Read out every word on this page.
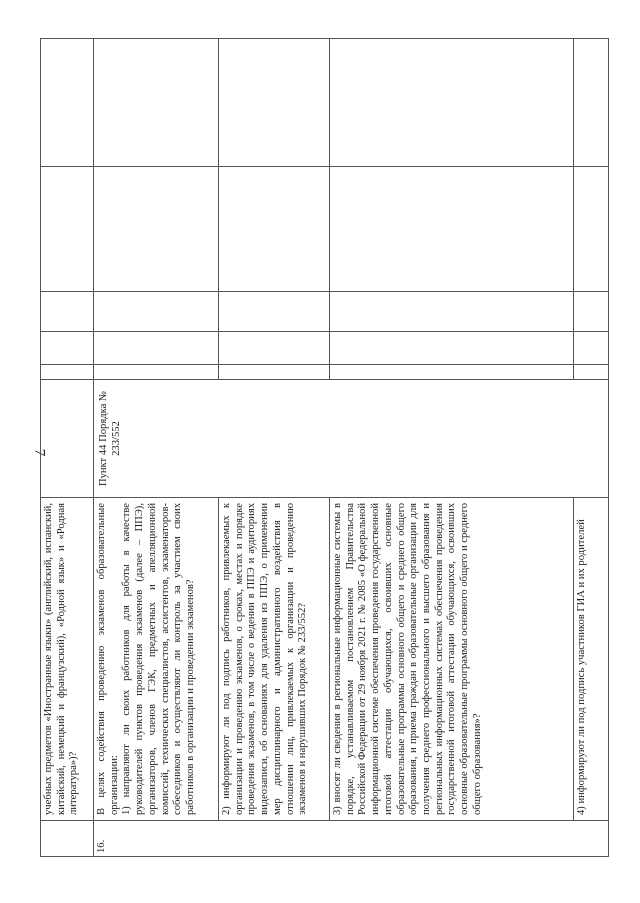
7
	учебных предметов «Иностранные языки» (английский, испанский, китайский, немецкий и французский), «Родной язык» и «Родная литература»)?						
16.	В целях содействия проведению экзаменов образовательные организации:
1) направляют ли своих работников для работы в качестве руководителей пунктов проведения экзаменов (далее – ППЭ), организаторов, членов ГЭК, предметных и апелляционной комиссий, технических специалистов, ассистентов, экзаменаторов-собеседников и осуществляют ли контроль за участием своих работников в организации и проведении экзаменов?	Пункт 44 Порядка № 233/552					
	2) информируют ли под подпись работников, привлекаемых к организации и проведению экзаменов, о сроках, местах и порядке проведения экзаменов, в том числе о ведении в ППЭ и аудиториях видеозаписи, об основаниях для удаления из ППЭ, о применении мер дисциплинарного и административного воздействия в отношении лиц, привлекаемых к организации и проведению экзаменов и нарушивших Порядок № 233/552?						
	3) вносят ли сведения в региональные информационные системы в порядке, устанавливаемом постановлением Правительства Российской Федерации от 29 ноября 2021 г. № 2085 «О федеральной информационной системе обеспечения проведения государственной итоговой аттестации обучающихся, освоивших основные образовательные программы основного общего и среднего общего образования, и приема граждан в образовательные организации для получения среднего профессионального и высшего образования и региональных информационных системах обеспечения проведения государственной итоговой аттестации обучающихся, освоивших основные образовательные программы основного общего и среднего общего образования»?						
	4) информируют ли под подпись участников ГИА и их родителей						
